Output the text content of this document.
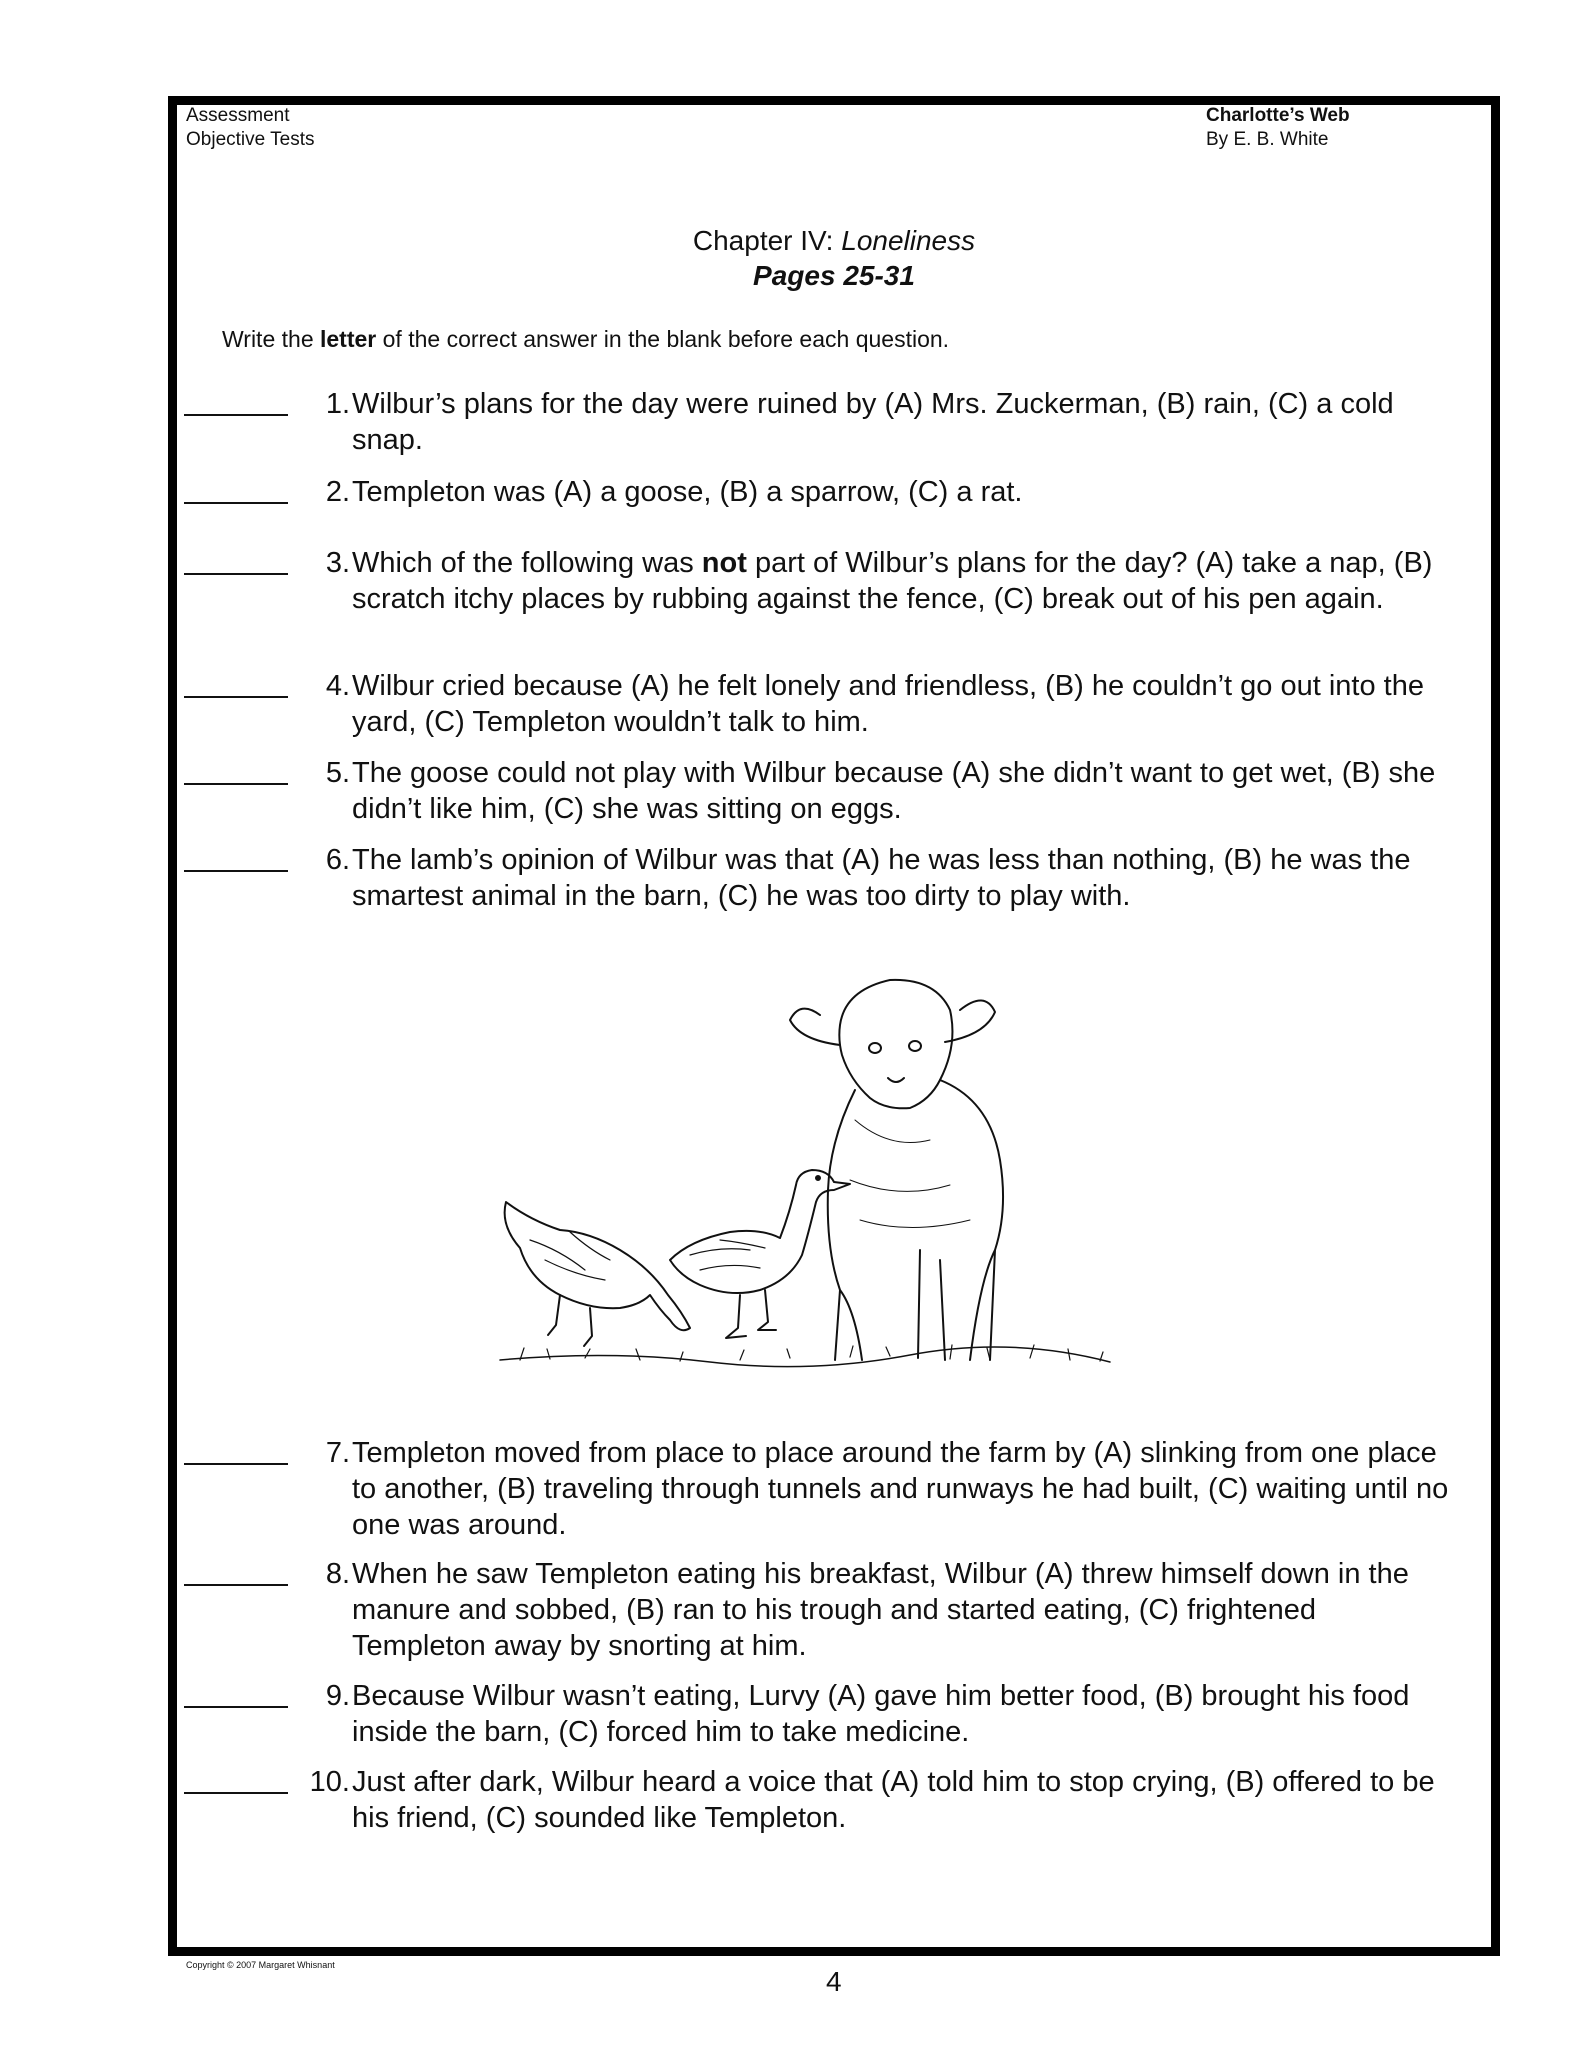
Assessment
Objective Tests
Charlotte’s Web
By E. B. White
Chapter IV: Loneliness
Pages 25-31
Write the letter of the correct answer in the blank before each question.
1. Wilbur’s plans for the day were ruined by (A) Mrs. Zuckerman, (B) rain, (C) a cold snap.
2. Templeton was (A) a goose, (B) a sparrow, (C) a rat.
3. Which of the following was not part of Wilbur’s plans for the day? (A) take a nap, (B) scratch itchy places by rubbing against the fence, (C) break out of his pen again.
4. Wilbur cried because (A) he felt lonely and friendless, (B) he couldn’t go out into the yard, (C) Templeton wouldn’t talk to him.
5. The goose could not play with Wilbur because (A) she didn’t want to get wet, (B) she didn’t like him, (C) she was sitting on eggs.
6. The lamb’s opinion of Wilbur was that (A) he was less than nothing, (B) he was the smartest animal in the barn, (C) he was too dirty to play with.
7. Templeton moved from place to place around the farm by (A) slinking from one place to another, (B) traveling through tunnels and runways he had built, (C) waiting until no one was around.
8. When he saw Templeton eating his breakfast, Wilbur (A) threw himself down in the manure and sobbed, (B) ran to his trough and started eating, (C) frightened Templeton away by snorting at him.
9. Because Wilbur wasn’t eating, Lurvy (A) gave him better food, (B) brought his food inside the barn, (C) forced him to take medicine.
10. Just after dark, Wilbur heard a voice that (A) told him to stop crying, (B) offered to be his friend, (C) sounded like Templeton.
Copyright © 2007 Margaret Whisnant
4
